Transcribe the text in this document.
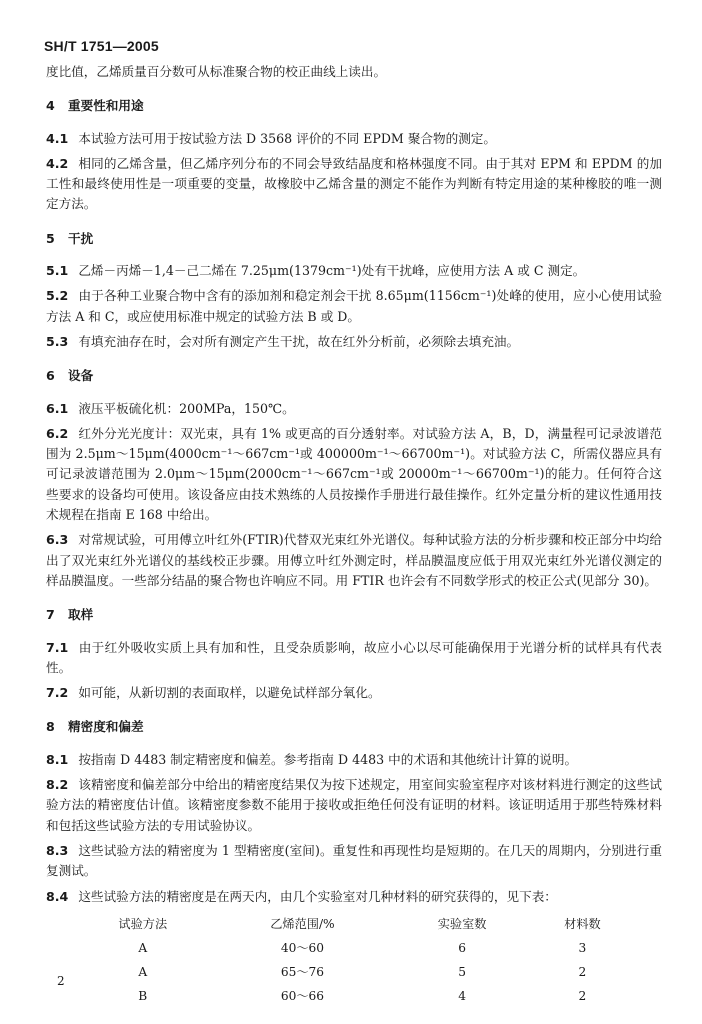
SH/T 1751—2005

度比值，乙烯质量百分数可从标准聚合物的校正曲线上读出。

4 重要性和用途

4.1 本试验方法可用于按试验方法 D 3568 评价的不同 EPDM 聚合物的测定。

4.2 相同的乙烯含量，但乙烯序列分布的不同会导致结晶度和格林强度不同。由于其对 EPM 和 EPDM 的加工性和最终使用性是一项重要的变量，故橡胶中乙烯含量的测定不能作为判断有特定用途的某种橡胶的唯一测定方法。

5 干扰

5.1 乙烯－丙烯－1,4－己二烯在 7.25μm(1379cm⁻¹)处有干扰峰，应使用方法 A 或 C 测定。

5.2 由于各种工业聚合物中含有的添加剂和稳定剂会干扰 8.65μm(1156cm⁻¹)处峰的使用，应小心使用试验方法 A 和 C，或应使用标准中规定的试验方法 B 或 D。

5.3 有填充油存在时，会对所有测定产生干扰，故在红外分析前，必须除去填充油。

6 设备

6.1 液压平板硫化机：200MPa，150℃。

6.2 红外分光光度计：双光束，具有 1% 或更高的百分透射率。对试验方法 A，B，D，满量程可记录波谱范围为 2.5μm～15μm(4000cm⁻¹～667cm⁻¹或 400000m⁻¹～66700m⁻¹)。对试验方法 C，所需仪器应具有可记录波谱范围为 2.0μm～15μm(2000cm⁻¹～667cm⁻¹或 20000m⁻¹～66700m⁻¹)的能力。任何符合这些要求的设备均可使用。该设备应由技术熟练的人员按操作手册进行最佳操作。红外定量分析的建议性通用技术规程在指南 E 168 中给出。

6.3 对常规试验，可用傅立叶红外(FTIR)代替双光束红外光谱仪。每种试验方法的分析步骤和校正部分中均给出了双光束红外光谱仪的基线校正步骤。用傅立叶红外测定时，样品膜温度应低于用双光束红外光谱仪测定的样品膜温度。一些部分结晶的聚合物也许响应不同。用 FTIR 也许会有不同数学形式的校正公式(见部分 30)。

7 取样

7.1 由于红外吸收实质上具有加和性，且受杂质影响，故应小心以尽可能确保用于光谱分析的试样具有代表性。

7.2 如可能，从新切割的表面取样，以避免试样部分氧化。

8 精密度和偏差

8.1 按指南 D 4483 制定精密度和偏差。参考指南 D 4483 中的术语和其他统计计算的说明。

8.2 该精密度和偏差部分中给出的精密度结果仅为按下述规定，用室间实验室程序对该材料进行测定的这些试验方法的精密度估计值。该精密度参数不能用于接收或拒绝任何没有证明的材料。该证明适用于那些特殊材料和包括这些试验方法的专用试验协议。

8.3 这些试验方法的精密度为 1 型精密度(室间)。重复性和再现性均是短期的。在几天的周期内，分别进行重复测试。

8.4 这些试验方法的精密度是在两天内，由几个实验室对几种材料的研究获得的，见下表：

试验方法	乙烯范围/%	实验室数	材料数
A	40～60	6	3
A	65～76	5	2
B	60～66	4	2
2
